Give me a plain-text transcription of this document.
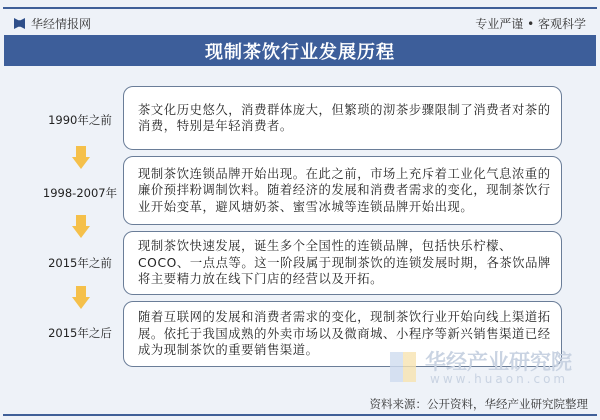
华经情报网	专业严谨 • 客观科学
现制茶饮行业发展历程
1990年之前
1998-2007年
2015年之前
2015年之后
茶文化历史悠久，消费群体庞大，但繁琐的沏茶步骤限制了消费者对茶的消费，特别是年轻消费者。
现制茶饮连锁品牌开始出现。在此之前，市场上充斥着工业化气息浓重的廉价预拌粉调制饮料。随着经济的发展和消费者需求的变化，现制茶饮行业开始变革，避风塘奶茶、蜜雪冰城等连锁品牌开始出现。
现制茶饮快速发展，诞生多个全国性的连锁品牌，包括快乐柠檬、COCO、一点点等。这一阶段属于现制茶饮的连锁发展时期，各茶饮品牌将主要精力放在线下门店的经营以及开拓。
随着互联网的发展和消费者需求的变化，现制茶饮行业开始向线上渠道拓展。依托于我国成熟的外卖市场以及微商城、小程序等新兴销售渠道已经成为现制茶饮的重要销售渠道。	华经产业研究院
www.huaon.com
资料来源：公开资料，华经产业研究院整理
